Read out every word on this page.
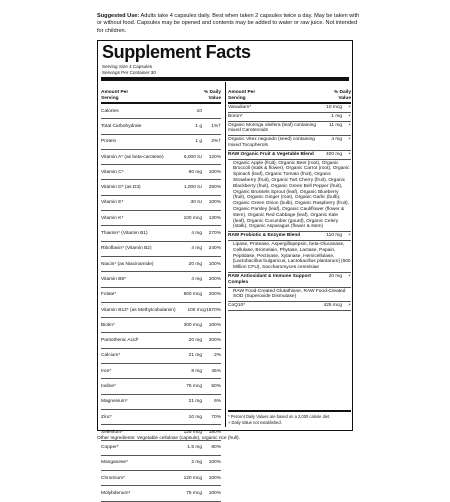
Suggested Use: Adults take 4 capsules daily. Best when taken 2 capsules twice a day. May be taken with or without food. Capsules may be opened and contents may be added to water or raw juice. Not intended for children.
Supplement Facts
Serving Size 4 Capsules
Servings Per Container 30
Amount Per Serving
% Daily Value
Calories	10
Total Carbohydrate	1 g	1%†
Protein	1 g	2%†
Vitamin A* (as beta-carotene)	6,000 IU	120%
Vitamin C*	60 mg	100%
Vitamin D* (as D3)	1,000 IU	250%
Vitamin E*	30 IU	100%
Vitamin K*	100 mcg	130%
Thiamin* (Vitamin B1)	4 mg	270%
Riboflavin* (Vitamin B2)	4 mg	240%
Niacin* (as Niacinamide)	20 mg	100%
Vitamin B6*	4 mg	200%
Folate*	800 mcg	200%
Vitamin B12* (as Methylcobalamin)	100 mcg 1670%
Biotin*	300 mcg	100%
Pantothenic Acid*	20 mg	200%
Calcium*	21 mg	2%
Iron*	8 mg	45%
Iodine*	75 mcg	50%
Magnesium*	21 mg	6%
Zinc*	10 mg	70%
Selenium*	125 mcg	180%
Copper*	1.5 mg	80%
Manganese*	2 mg	100%
Chromium*	120 mcg	100%
Molybdenum*	75 mcg	100%
Amount Per Serving
% Daily Value
Vanadium*	10 mcg	+
Boron*	1 mg	+
Organic Moringa oleifera (leaf) containing mixed Carotenoids
11 mg	+
Organic Vitex negundo (seed) containing mixed Tocopherols
4 mg	+
RAW Organic Fruit & Vegetable Blend	400 mg	+
Organic Apple (fruit), Organic Beet (root), Organic Broccoli (stalk & flower), Organic Carrot (root), Organic Spinach (leaf), Organic Tomato (fruit), Organic Strawberry (fruit), Organic Tart Cherry (fruit), Organic Blackberry (fruit), Organic Green Bell Pepper (fruit), Organic Brussels Sprout (leaf), Organic Blueberry (fruit), Organic Ginger (root), Organic Garlic (bulb), Organic Green Onion (bulb), Organic Raspberry (fruit), Organic Parsley (leaf), Organic Cauliflower (flower & stem), Organic Red Cabbage (leaf), Organic Kale (leaf), Organic Cucumber (gourd), Organic Celery (stalk), Organic Asparagus (flower & stem)
RAW Probiotic & Enzyme Blend	110 mg	+
Lipase, Protease, Aspergillopepsin, beta-Glucanase, Cellulase, Bromelain, Phytase, Lactase, Papain, Peptidase, Pectinase, Xylanase, Hemicellulase, [Lactobacillus bulgaricus, Lactobacillus plantarum] (500 Million CFU), Saccharomyces cerevisiae
RAW Antioxidant & Immune Support Complex
20 mg	+
RAW Food-Created Glutathione, RAW Food-Created SOD (Superoxide Dismutase)
CoQ10*	425 mcg	+
* Percent Daily Values are based on a 2,000 calorie diet.
+ Daily Value not established.
Other Ingredients: Vegetable cellulose (capsule), organic rice (hull).
